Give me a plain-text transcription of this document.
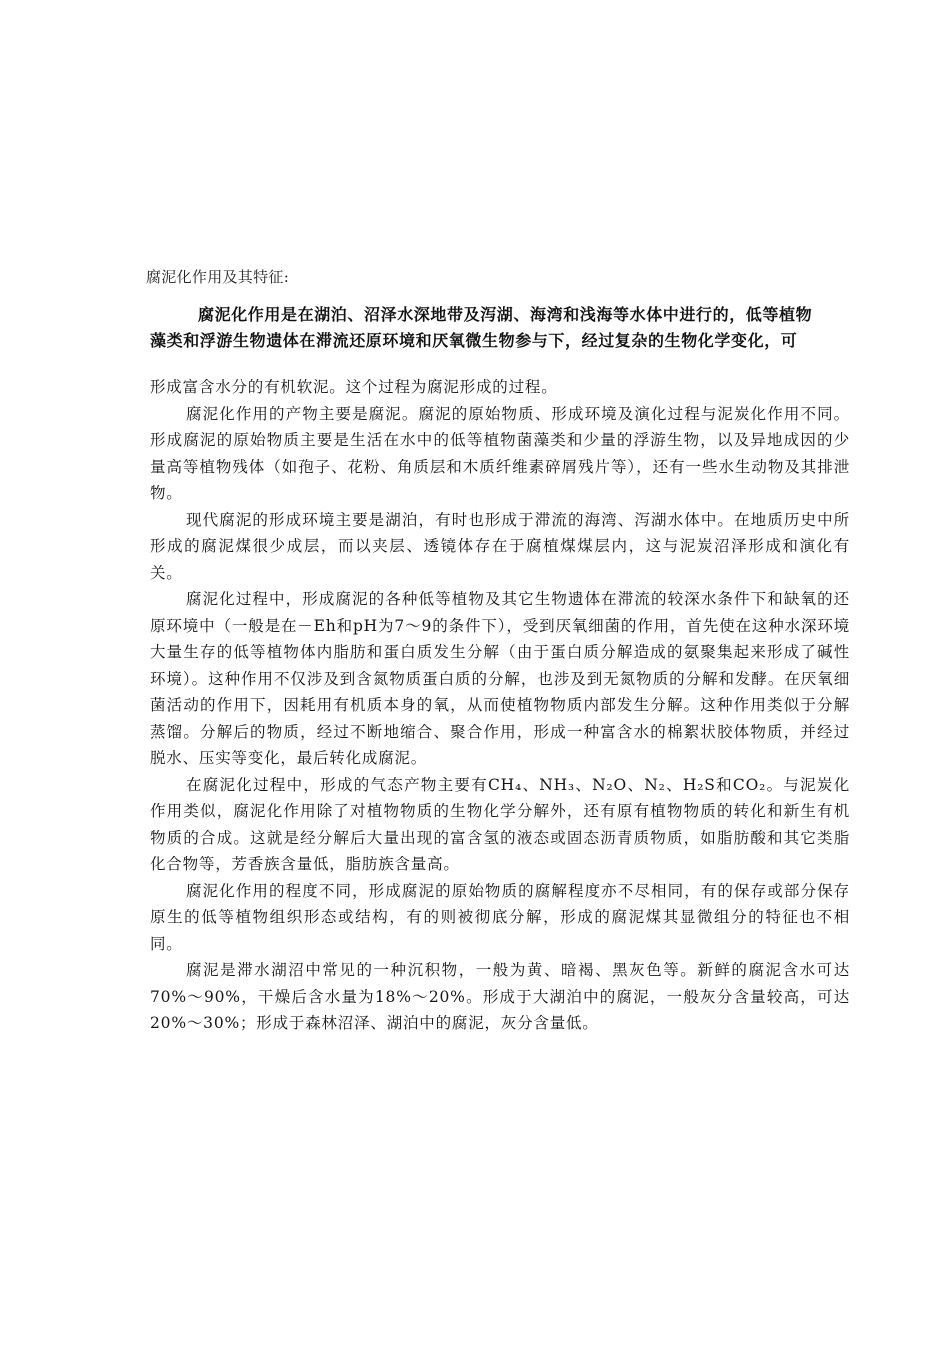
腐泥化作用及其特征:

腐泥化作用是在湖泊、沼泽水深地带及泻湖、海湾和浅海等水体中进行的，低等植物

藻类和浮游生物遗体在滞流还原环境和厌氧微生物参与下，经过复杂的生物化学变化，可

形成富含水分的有机软泥。这个过程为腐泥形成的过程。

腐泥化作用的产物主要是腐泥。腐泥的原始物质、形成环境及演化过程与泥炭化作用不同。形成腐泥的原始物质主要是生活在水中的低等植物菌藻类和少量的浮游生物，以及异地成因的少量高等植物残体（如孢子、花粉、角质层和木质纤维素碎屑残片等），还有一些水生动物及其排泄物。

现代腐泥的形成环境主要是湖泊，有时也形成于滞流的海湾、泻湖水体中。在地质历史中所形成的腐泥煤很少成层，而以夹层、透镜体存在于腐植煤煤层内，这与泥炭沼泽形成和演化有关。

腐泥化过程中，形成腐泥的各种低等植物及其它生物遗体在滞流的较深水条件下和缺氧的还原环境中（一般是在－Eh和pH为7～9的条件下），受到厌氧细菌的作用，首先使在这种水深环境大量生存的低等植物体内脂肪和蛋白质发生分解（由于蛋白质分解造成的氨聚集起来形成了碱性环境）。这种作用不仅涉及到含氮物质蛋白质的分解，也涉及到无氮物质的分解和发酵。在厌氧细菌活动的作用下，因耗用有机质本身的氧，从而使植物物质内部发生分解。这种作用类似于分解蒸馏。分解后的物质，经过不断地缩合、聚合作用，形成一种富含水的棉絮状胶体物质，并经过脱水、压实等变化，最后转化成腐泥。

在腐泥化过程中，形成的气态产物主要有CH₄、NH₃、N₂O、N₂、H₂S和CO₂。与泥炭化作用类似，腐泥化作用除了对植物物质的生物化学分解外，还有原有植物物质的转化和新生有机物质的合成。这就是经分解后大量出现的富含氢的液态或固态沥青质物质，如脂肪酸和其它类脂化合物等，芳香族含量低，脂肪族含量高。

腐泥化作用的程度不同，形成腐泥的原始物质的腐解程度亦不尽相同，有的保存或部分保存原生的低等植物组织形态或结构，有的则被彻底分解，形成的腐泥煤其显微组分的特征也不相同。

腐泥是滞水湖沼中常见的一种沉积物，一般为黄、暗褐、黑灰色等。新鲜的腐泥含水可达70%～90%，干燥后含水量为18%～20%。形成于大湖泊中的腐泥，一般灰分含量较高，可达20%～30%；形成于森林沼泽、湖泊中的腐泥，灰分含量低。
